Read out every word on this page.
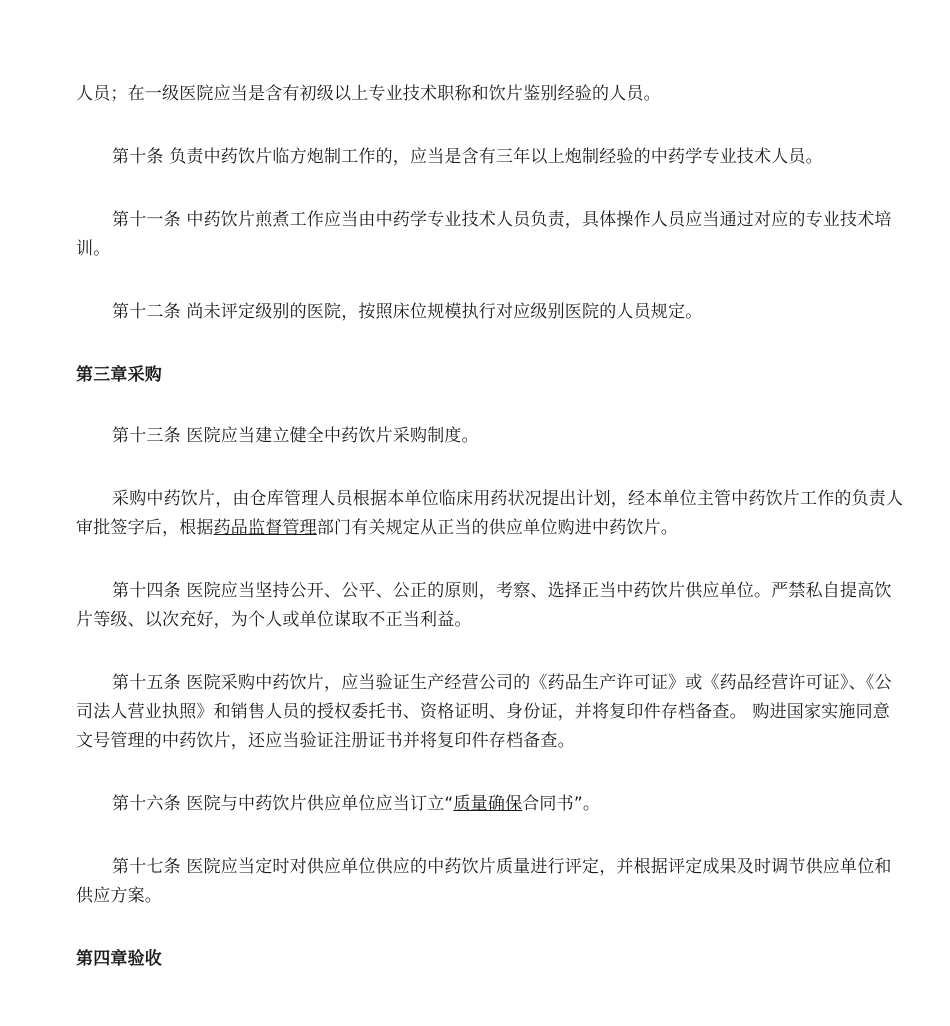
人员；在一级医院应当是含有初级以上专业技术职称和饮片鉴别经验的人员。

第十条 负责中药饮片临方炮制工作的，应当是含有三年以上炮制经验的中药学专业技术人员。

第十一条 中药饮片煎煮工作应当由中药学专业技术人员负责，具体操作人员应当通过对应的专业技术培训。

第十二条 尚未评定级别的医院，按照床位规模执行对应级别医院的人员规定。

第三章采购

第十三条 医院应当建立健全中药饮片采购制度。

采购中药饮片，由仓库管理人员根据本单位临床用药状况提出计划，经本单位主管中药饮片工作的负责人审批签字后，根据药品监督管理部门有关规定从正当的供应单位购进中药饮片。

第十四条 医院应当坚持公开、公平、公正的原则，考察、选择正当中药饮片供应单位。严禁私自提高饮片等级、以次充好，为个人或单位谋取不正当利益。

第十五条 医院采购中药饮片，应当验证生产经营公司的《药品生产许可证》或《药品经营许可证》、《公司法人营业执照》和销售人员的授权委托书、资格证明、身份证，并将复印件存档备查。 购进国家实施同意文号管理的中药饮片，还应当验证注册证书并将复印件存档备查。

第十六条 医院与中药饮片供应单位应当订立“质量确保合同书”。

第十七条 医院应当定时对供应单位供应的中药饮片质量进行评定，并根据评定成果及时调节供应单位和供应方案。

第四章验收
